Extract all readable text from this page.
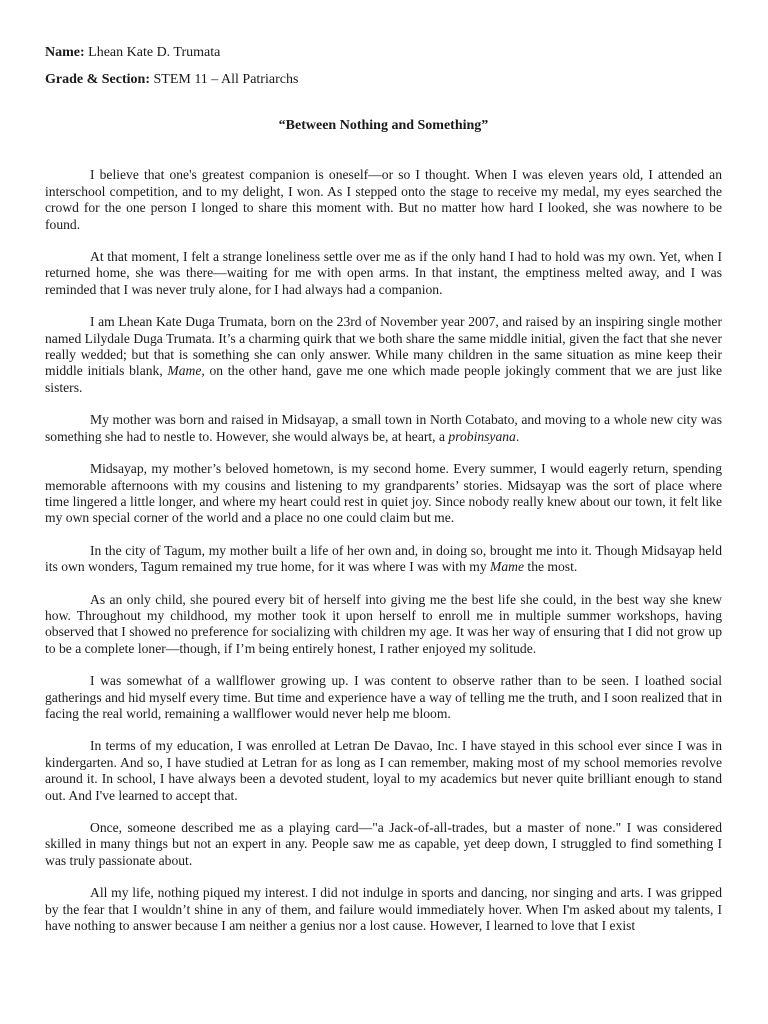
Name: Lhean Kate D. Trumata

Grade & Section: STEM 11 – All Patriarchs

“Between Nothing and Something”

I believe that one's greatest companion is oneself—or so I thought. When I was eleven years old, I attended an interschool competition, and to my delight, I won. As I stepped onto the stage to receive my medal, my eyes searched the crowd for the one person I longed to share this moment with. But no matter how hard I looked, she was nowhere to be found.

At that moment, I felt a strange loneliness settle over me as if the only hand I had to hold was my own. Yet, when I returned home, she was there—waiting for me with open arms. In that instant, the emptiness melted away, and I was reminded that I was never truly alone, for I had always had a companion.

I am Lhean Kate Duga Trumata, born on the 23rd of November year 2007, and raised by an inspiring single mother named Lilydale Duga Trumata. It’s a charming quirk that we both share the same middle initial, given the fact that she never really wedded; but that is something she can only answer. While many children in the same situation as mine keep their middle initials blank, Mame, on the other hand, gave me one which made people jokingly comment that we are just like sisters.

My mother was born and raised in Midsayap, a small town in North Cotabato, and moving to a whole new city was something she had to nestle to. However, she would always be, at heart, a probinsyana.

Midsayap, my mother’s beloved hometown, is my second home. Every summer, I would eagerly return, spending memorable afternoons with my cousins and listening to my grandparents’ stories. Midsayap was the sort of place where time lingered a little longer, and where my heart could rest in quiet joy. Since nobody really knew about our town, it felt like my own special corner of the world and a place no one could claim but me.

In the city of Tagum, my mother built a life of her own and, in doing so, brought me into it. Though Midsayap held its own wonders, Tagum remained my true home, for it was where I was with my Mame the most.

As an only child, she poured every bit of herself into giving me the best life she could, in the best way she knew how. Throughout my childhood, my mother took it upon herself to enroll me in multiple summer workshops, having observed that I showed no preference for socializing with children my age. It was her way of ensuring that I did not grow up to be a complete loner—though, if I’m being entirely honest, I rather enjoyed my solitude.

I was somewhat of a wallflower growing up. I was content to observe rather than to be seen. I loathed social gatherings and hid myself every time. But time and experience have a way of telling me the truth, and I soon realized that in facing the real world, remaining a wallflower would never help me bloom.

In terms of my education, I was enrolled at Letran De Davao, Inc. I have stayed in this school ever since I was in kindergarten. And so, I have studied at Letran for as long as I can remember, making most of my school memories revolve around it. In school, I have always been a devoted student, loyal to my academics but never quite brilliant enough to stand out. And I've learned to accept that.

Once, someone described me as a playing card—"a Jack-of-all-trades, but a master of none." I was considered skilled in many things but not an expert in any. People saw me as capable, yet deep down, I struggled to find something I was truly passionate about.

All my life, nothing piqued my interest. I did not indulge in sports and dancing, nor singing and arts. I was gripped by the fear that I wouldn’t shine in any of them, and failure would immediately hover. When I'm asked about my talents, I have nothing to answer because I am neither a genius nor a lost cause. However, I learned to love that I exist
